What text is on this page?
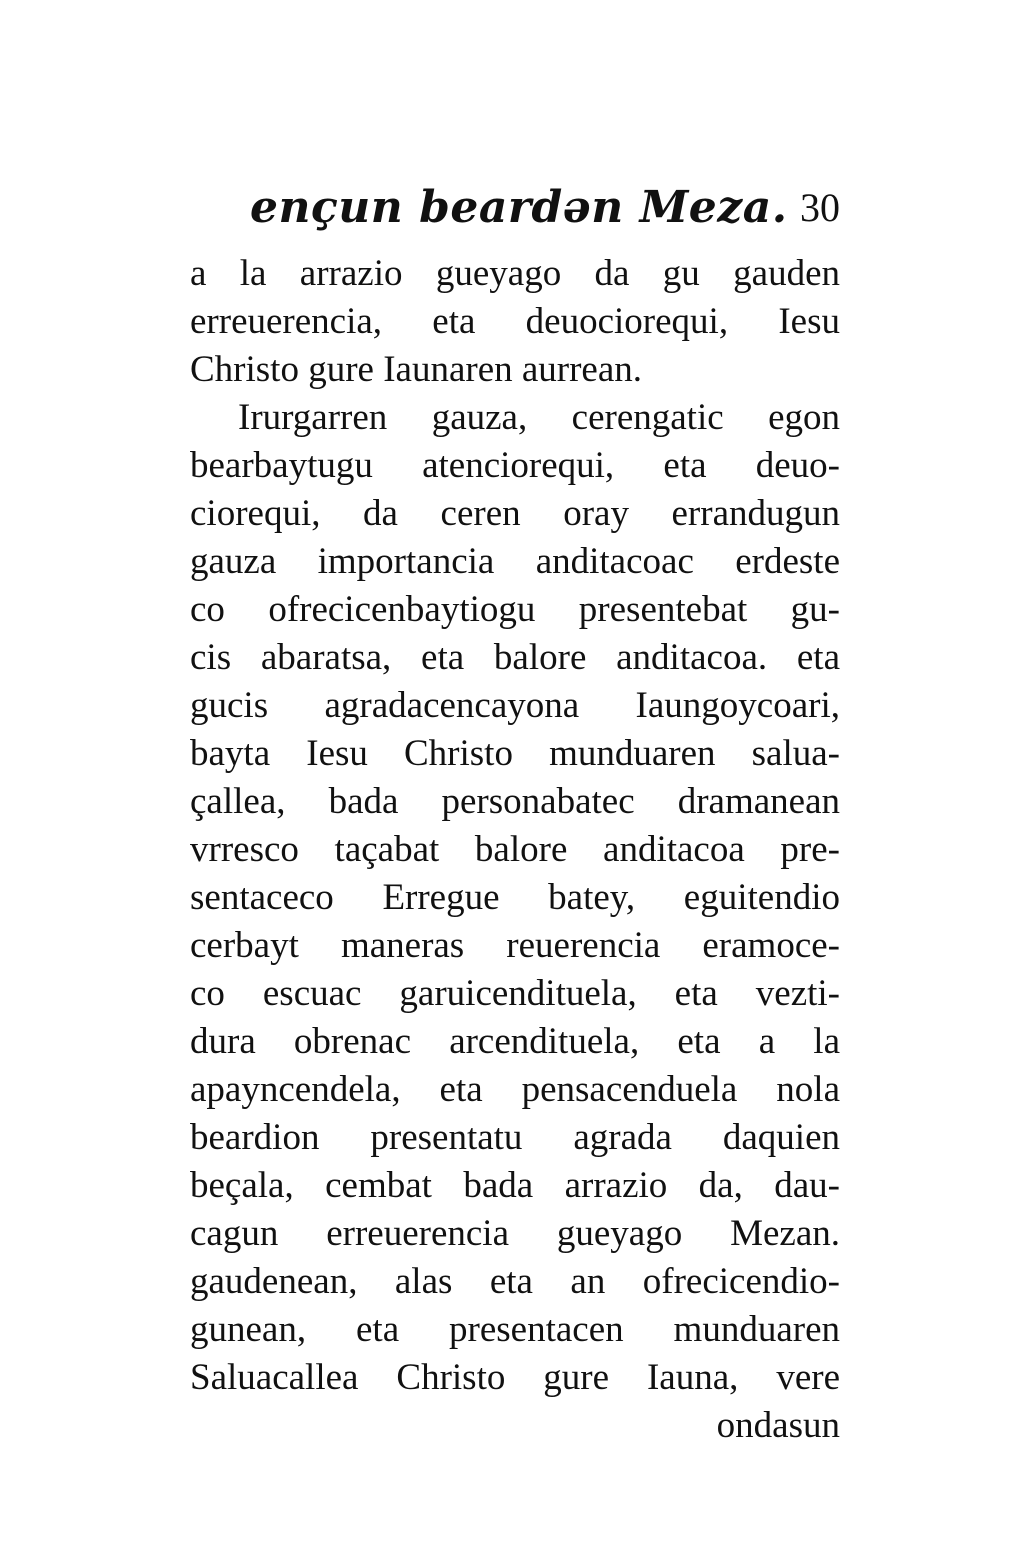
ençun beardən Meza. 30
a la arrazio gueyago da gu gauden
erreuerencia, eta deuociorequi, Iesu
Christo gure Iaunaren aurrean.
Irurgarren gauza, cerengatic egon
bearbaytugu atenciorequi, eta deuo-
ciorequi, da ceren oray errandugun
gauza importancia anditacoac erdeste
co ofrecicenbaytiogu presentebat gu-
cis abaratsa, eta balore anditacoa. eta
gucis agradacencayona Iaungoycoari,
bayta Iesu Christo munduaren saluа-
çallea, bada personabatec dramanean
vrresco taçabat balore anditacoa pre-
sentaceco Erregue batey, eguitendio
cerbayt maneras reuerencia eramoce-
co escuac garuicendituela, eta vezti-
dura obrenac arcendituela, eta a la
apayncendela, eta pensacenduela nola
beardion presentatu agrada daquien
beçala, cembat bada arrazio da, dau-
cagun erreuerencia gueyago Mezan.
gaudenean, alas eta an ofrecicendio-
gunean, eta presentacen munduaren
Saluacallea Christo gure Iauna, vere
ondasun
